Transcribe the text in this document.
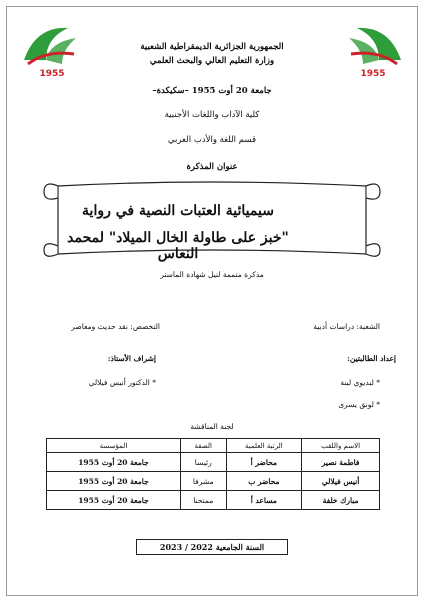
1955	1955
الجمهورية الجزائرية الديمقراطية الشعبية
وزارة التعليم العالي والبحث العلمي
جامعة 20 أوت 1955 –سكيكدة–
كلية الآداب واللغات الأجنبية
قسم اللغة والأدب العربي
عنوان المذكرة
سيميائية العتبات النصية في رواية
"خبز على طاولة الخال الميلاد" لمحمد النعاس
مذكرة متممة لنيل شهادة الماستر
الشعبة: دراسات أدبية
التخصص: نقد حديث ومعاصر
إعداد الطالبتين:
* لبديوي لينة
* لونق يسرى
إشراف الأستاذ:
* الدكتور أنيس فيلالي
لجنة المناقشة
الاسم واللقب	الرتبة العلمية	الصفة	المؤسسة
فاطمة نصير	محاضر أ	رئيسا	جامعة 20 أوت 1955
أنيس فيلالي	محاضر ب	مشرفا	جامعة 20 أوت 1955
مبارك خلفة	مساعد أ	ممتحنا	جامعة 20 أوت 1955
السنة الجامعية 2022 / 2023
